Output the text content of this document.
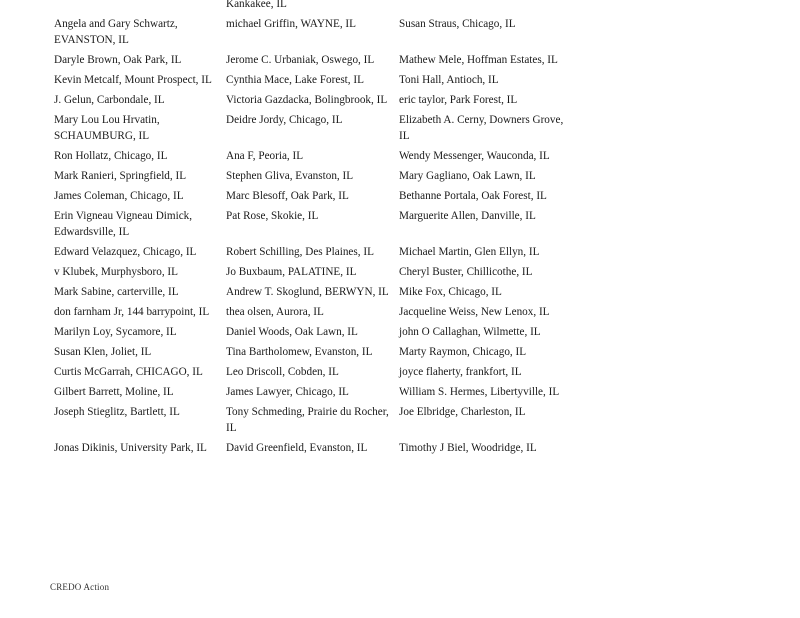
	Kankakee, IL	
Angela and Gary Schwartz, EVANSTON, IL	michael Griffin, WAYNE, IL	Susan Straus, Chicago, IL
Daryle Brown, Oak Park, IL	Jerome C. Urbaniak, Oswego, IL	Mathew Mele, Hoffman Estates, IL
Kevin Metcalf, Mount Prospect, IL	Cynthia Mace, Lake Forest, IL	Toni Hall, Antioch, IL
J. Gelun, Carbondale, IL	Victoria Gazdacka, Bolingbrook, IL	eric taylor, Park Forest, IL
Mary Lou Lou Hrvatin, SCHAUMBURG, IL	Deidre Jordy, Chicago, IL	Elizabeth A. Cerny, Downers Grove, IL
Ron Hollatz, Chicago, IL	Ana F, Peoria, IL	Wendy Messenger, Wauconda, IL
Mark Ranieri, Springfield, IL	Stephen Gliva, Evanston, IL	Mary Gagliano, Oak Lawn, IL
James Coleman, Chicago, IL	Marc Blesoff, Oak Park, IL	Bethanne Portala, Oak Forest, IL
Erin Vigneau Vigneau Dimick, Edwardsville, IL	Pat Rose, Skokie, IL	Marguerite Allen, Danville, IL
Edward Velazquez, Chicago, IL	Robert Schilling, Des Plaines, IL	Michael Martin, Glen Ellyn, IL
v Klubek, Murphysboro, IL	Jo Buxbaum, PALATINE, IL	Cheryl Buster, Chillicothe, IL
Mark Sabine, carterville, IL	Andrew T. Skoglund, BERWYN, IL	Mike Fox, Chicago, IL
don farnham Jr, 144 barrypoint, IL	thea olsen, Aurora, IL	Jacqueline Weiss, New Lenox, IL
Marilyn Loy, Sycamore, IL	Daniel Woods, Oak Lawn, IL	john O Callaghan, Wilmette, IL
Susan Klen, Joliet, IL	Tina Bartholomew, Evanston, IL	Marty Raymon, Chicago, IL
Curtis McGarrah, CHICAGO, IL	Leo Driscoll, Cobden, IL	joyce flaherty, frankfort, IL
Gilbert Barrett, Moline, IL	James Lawyer, Chicago, IL	William S. Hermes, Libertyville, IL
Joseph Stieglitz, Bartlett, IL	Tony Schmeding, Prairie du Rocher, IL	Joe Elbridge, Charleston, IL
Jonas Dikinis, University Park, IL	David Greenfield, Evanston, IL	Timothy J Biel, Woodridge, IL
CREDO Action
